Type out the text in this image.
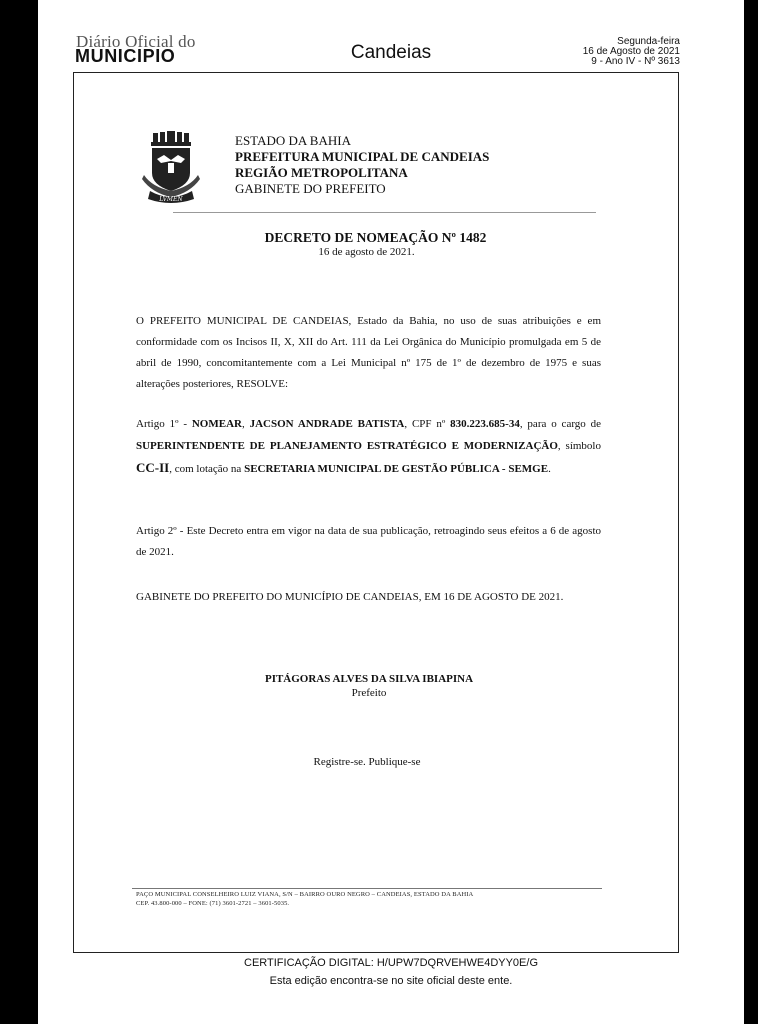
Diário Oficial do
MUNICIPIO	Candeias
Segunda-feira
16 de Agosto de 2021
9 - Ano IV - Nº 3613
LVMEN
ESTADO DA BAHIA
PREFEITURA MUNICIPAL DE CANDEIAS
REGIÃO METROPOLITANA
GABINETE DO PREFEITO
DECRETO DE NOMEAÇÃO Nº 1482
16 de agosto de 2021.
O PREFEITO MUNICIPAL DE CANDEIAS, Estado da Bahia, no uso de suas atribuições e em conformidade com os Incisos II, X, XII do Art. 111 da Lei Orgânica do Município promulgada em 5 de abril de 1990, concomitantemente com a Lei Municipal nº 175 de 1º de dezembro de 1975 e suas alterações posteriores, RESOLVE:
Artigo 1º - NOMEAR, JACSON ANDRADE BATISTA, CPF nº 830.223.685-34, para o cargo de SUPERINTENDENTE DE PLANEJAMENTO ESTRATÉGICO E MODERNIZAÇÃO, símbolo CC-II, com lotação na SECRETARIA MUNICIPAL DE GESTÃO PÚBLICA - SEMGE.
Artigo 2º - Este Decreto entra em vigor na data de sua publicação, retroagindo seus efeitos a 6 de agosto de 2021.
GABINETE DO PREFEITO DO MUNICÍPIO DE CANDEIAS, EM 16 DE AGOSTO DE 2021.
PITÁGORAS ALVES DA SILVA IBIAPINA
Prefeito
Registre-se. Publique-se
PAÇO MUNICIPAL CONSELHEIRO LUIZ VIANA, S/N – BAIRRO OURO NEGRO – CANDEIAS, ESTADO DA BAHIA
CEP. 43.800-000 – FONE: (71) 3601-2721 – 3601-5035.
CERTIFICAÇÃO DIGITAL: H/UPW7DQRVEHWE4DYY0E/G
Esta edição encontra-se no site oficial deste ente.
